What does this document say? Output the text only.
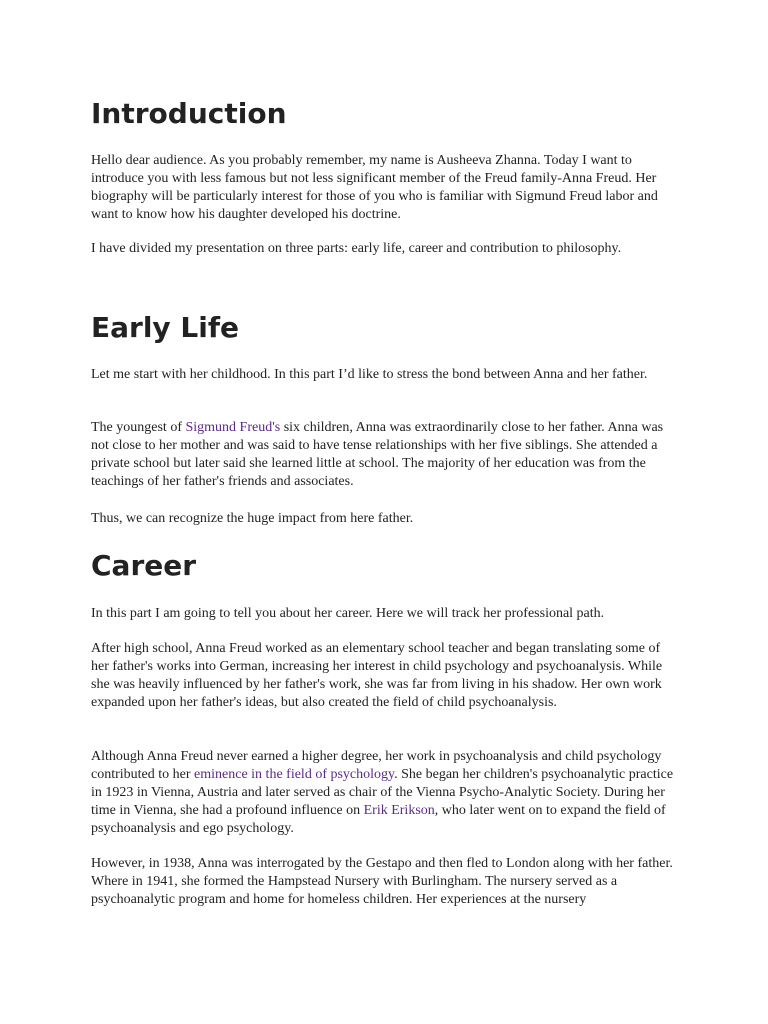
Introduction

Hello dear audience. As you probably remember, my name is Ausheeva Zhanna. Today I want to introduce you with less famous but not less significant member of the Freud family-Anna Freud. Her biography will be particularly interest for those of you who is familiar with Sigmund Freud labor and want to know how his daughter developed his doctrine.

I have divided my presentation on three parts: early life, career and contribution to philosophy.

Early Life

Let me start with her childhood. In this part I’d like to stress the bond between Anna and her father.

The youngest of Sigmund Freud's six children, Anna was extraordinarily close to her father. Anna was not close to her mother and was said to have tense relationships with her five siblings. She attended a private school but later said she learned little at school. The majority of her education was from the teachings of her father's friends and associates.

Thus, we can recognize the huge impact from here father.

Career

In this part I am going to tell you about her career. Here we will track her professional path.

After high school, Anna Freud worked as an elementary school teacher and began translating some of her father's works into German, increasing her interest in child psychology and psychoanalysis. While she was heavily influenced by her father's work, she was far from living in his shadow. Her own work expanded upon her father's ideas, but also created the field of child psychoanalysis.

Although Anna Freud never earned a higher degree, her work in psychoanalysis and child psychology contributed to her eminence in the field of psychology. She began her children's psychoanalytic practice in 1923 in Vienna, Austria and later served as chair of the Vienna Psycho-Analytic Society. During her time in Vienna, she had a profound influence on Erik Erikson, who later went on to expand the field of psychoanalysis and ego psychology.

However, in 1938, Anna was interrogated by the Gestapo and then fled to London along with her father. Where in 1941, she formed the Hampstead Nursery with Burlingham. The nursery served as a psychoanalytic program and home for homeless children. Her experiences at the nursery
